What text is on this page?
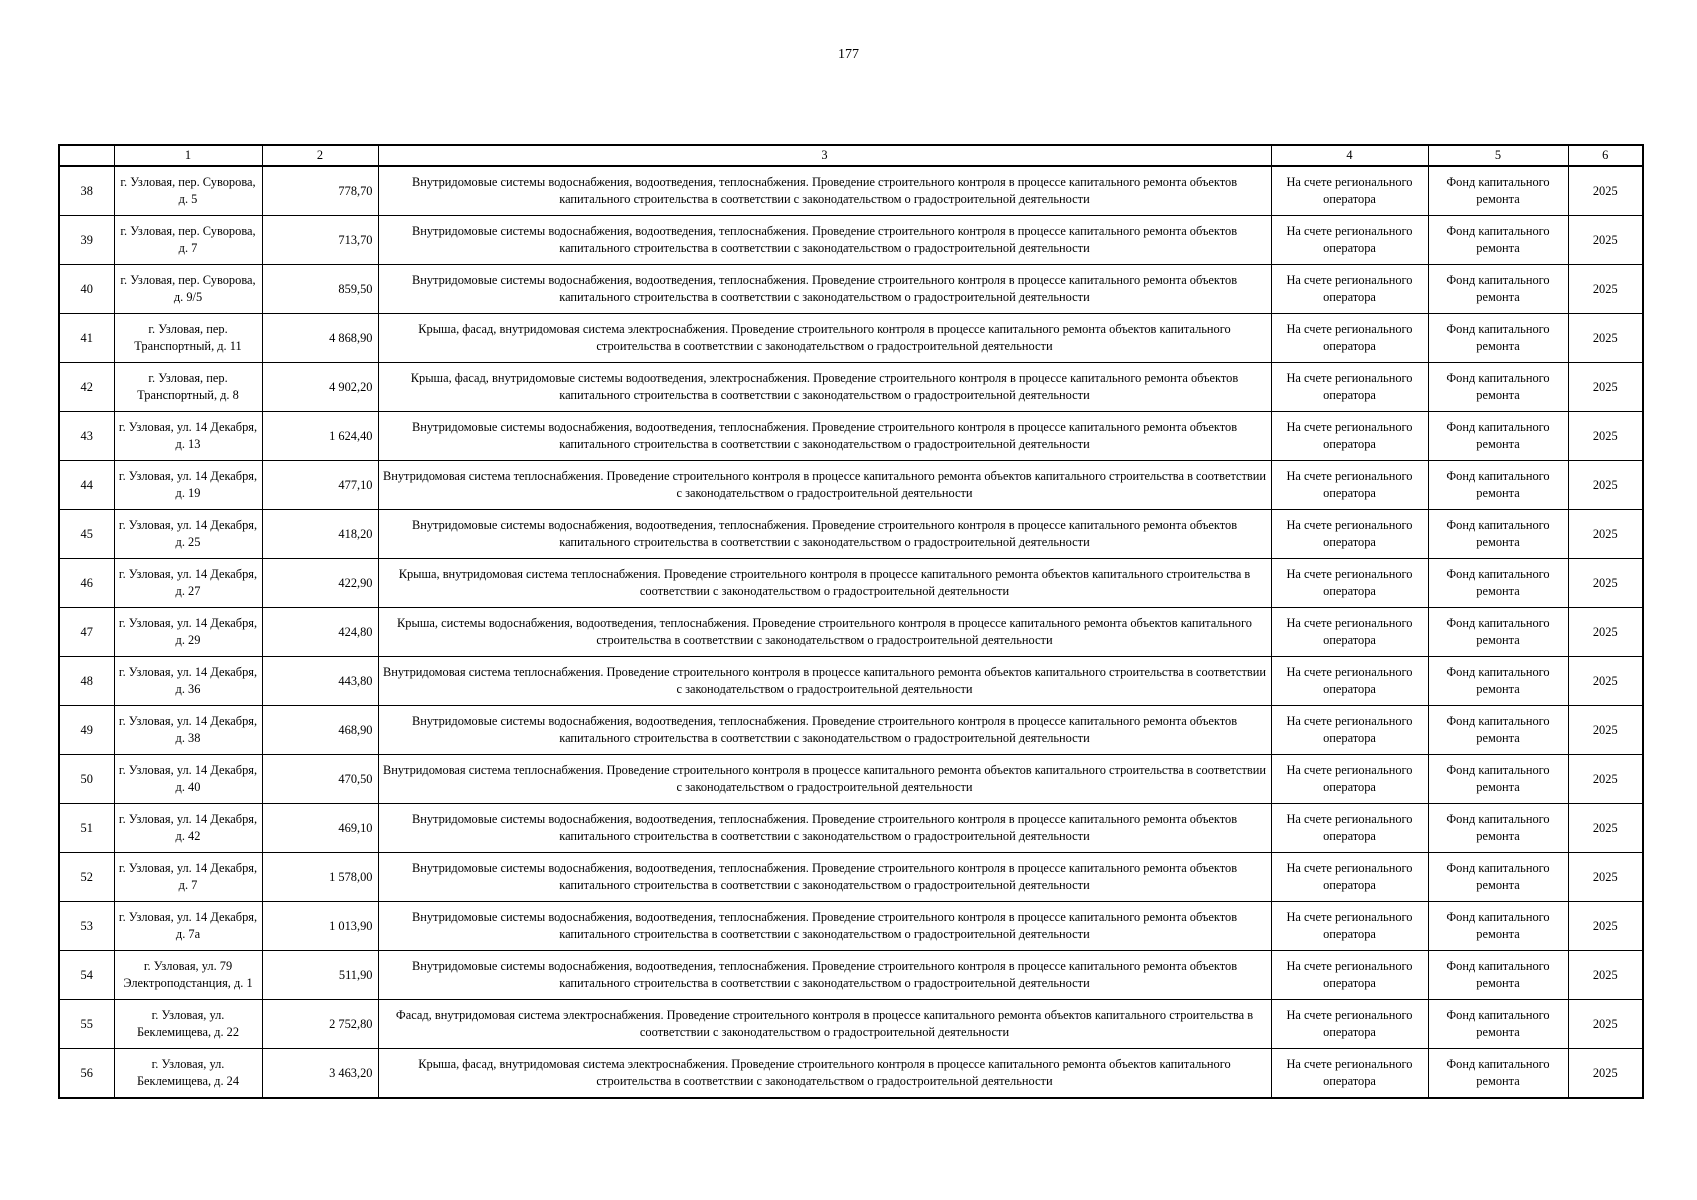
177
	1	2	3	4	5	6
38	г. Узловая, пер. Суворова, д. 5	778,70	Внутридомовые системы водоснабжения, водоотведения, теплоснабжения. Проведение строительного контроля в процессе капитального ремонта объектов капитального строительства в соответствии с законодательством о градостроительной деятельности	На счете регионального оператора	Фонд капитального ремонта	2025
39	г. Узловая, пер. Суворова, д. 7	713,70	Внутридомовые системы водоснабжения, водоотведения, теплоснабжения. Проведение строительного контроля в процессе капитального ремонта объектов капитального строительства в соответствии с законодательством о градостроительной деятельности	На счете регионального оператора	Фонд капитального ремонта	2025
40	г. Узловая, пер. Суворова, д. 9/5	859,50	Внутридомовые системы водоснабжения, водоотведения, теплоснабжения. Проведение строительного контроля в процессе капитального ремонта объектов капитального строительства в соответствии с законодательством о градостроительной деятельности	На счете регионального оператора	Фонд капитального ремонта	2025
41	г. Узловая, пер. Транспортный, д. 11	4 868,90	Крыша, фасад, внутридомовая система электроснабжения. Проведение строительного контроля в процессе капитального ремонта объектов капитального строительства в соответствии с законодательством о градостроительной деятельности	На счете регионального оператора	Фонд капитального ремонта	2025
42	г. Узловая, пер. Транспортный, д. 8	4 902,20	Крыша, фасад, внутридомовые системы водоотведения, электроснабжения. Проведение строительного контроля в процессе капитального ремонта объектов капитального строительства в соответствии с законодательством о градостроительной деятельности	На счете регионального оператора	Фонд капитального ремонта	2025
43	г. Узловая, ул. 14 Декабря, д. 13	1 624,40	Внутридомовые системы водоснабжения, водоотведения, теплоснабжения. Проведение строительного контроля в процессе капитального ремонта объектов капитального строительства в соответствии с законодательством о градостроительной деятельности	На счете регионального оператора	Фонд капитального ремонта	2025
44	г. Узловая, ул. 14 Декабря, д. 19	477,10	Внутридомовая система теплоснабжения. Проведение строительного контроля в процессе капитального ремонта объектов капитального строительства в соответствии с законодательством о градостроительной деятельности	На счете регионального оператора	Фонд капитального ремонта	2025
45	г. Узловая, ул. 14 Декабря, д. 25	418,20	Внутридомовые системы водоснабжения, водоотведения, теплоснабжения. Проведение строительного контроля в процессе капитального ремонта объектов капитального строительства в соответствии с законодательством о градостроительной деятельности	На счете регионального оператора	Фонд капитального ремонта	2025
46	г. Узловая, ул. 14 Декабря, д. 27	422,90	Крыша, внутридомовая система теплоснабжения. Проведение строительного контроля в процессе капитального ремонта объектов капитального строительства в соответствии с законодательством о градостроительной деятельности	На счете регионального оператора	Фонд капитального ремонта	2025
47	г. Узловая, ул. 14 Декабря, д. 29	424,80	Крыша, системы водоснабжения, водоотведения, теплоснабжения. Проведение строительного контроля в процессе капитального ремонта объектов капитального строительства в соответствии с законодательством о градостроительной деятельности	На счете регионального оператора	Фонд капитального ремонта	2025
48	г. Узловая, ул. 14 Декабря, д. 36	443,80	Внутридомовая система теплоснабжения. Проведение строительного контроля в процессе капитального ремонта объектов капитального строительства в соответствии с законодательством о градостроительной деятельности	На счете регионального оператора	Фонд капитального ремонта	2025
49	г. Узловая, ул. 14 Декабря, д. 38	468,90	Внутридомовые системы водоснабжения, водоотведения, теплоснабжения. Проведение строительного контроля в процессе капитального ремонта объектов капитального строительства в соответствии с законодательством о градостроительной деятельности	На счете регионального оператора	Фонд капитального ремонта	2025
50	г. Узловая, ул. 14 Декабря, д. 40	470,50	Внутридомовая система теплоснабжения. Проведение строительного контроля в процессе капитального ремонта объектов капитального строительства в соответствии с законодательством о градостроительной деятельности	На счете регионального оператора	Фонд капитального ремонта	2025
51	г. Узловая, ул. 14 Декабря, д. 42	469,10	Внутридомовые системы водоснабжения, водоотведения, теплоснабжения. Проведение строительного контроля в процессе капитального ремонта объектов капитального строительства в соответствии с законодательством о градостроительной деятельности	На счете регионального оператора	Фонд капитального ремонта	2025
52	г. Узловая, ул. 14 Декабря, д. 7	1 578,00	Внутридомовые системы водоснабжения, водоотведения, теплоснабжения. Проведение строительного контроля в процессе капитального ремонта объектов капитального строительства в соответствии с законодательством о градостроительной деятельности	На счете регионального оператора	Фонд капитального ремонта	2025
53	г. Узловая, ул. 14 Декабря, д. 7а	1 013,90	Внутридомовые системы водоснабжения, водоотведения, теплоснабжения. Проведение строительного контроля в процессе капитального ремонта объектов капитального строительства в соответствии с законодательством о градостроительной деятельности	На счете регионального оператора	Фонд капитального ремонта	2025
54	г. Узловая, ул. 79 Электроподстанция, д. 1	511,90	Внутридомовые системы водоснабжения, водоотведения, теплоснабжения. Проведение строительного контроля в процессе капитального ремонта объектов капитального строительства в соответствии с законодательством о градостроительной деятельности	На счете регионального оператора	Фонд капитального ремонта	2025
55	г. Узловая, ул. Беклемищева, д. 22	2 752,80	Фасад, внутридомовая система электроснабжения. Проведение строительного контроля в процессе капитального ремонта объектов капитального строительства в соответствии с законодательством о градостроительной деятельности	На счете регионального оператора	Фонд капитального ремонта	2025
56	г. Узловая, ул. Беклемищева, д. 24	3 463,20	Крыша, фасад, внутридомовая система электроснабжения. Проведение строительного контроля в процессе капитального ремонта объектов капитального строительства в соответствии с законодательством о градостроительной деятельности	На счете регионального оператора	Фонд капитального ремонта	2025
